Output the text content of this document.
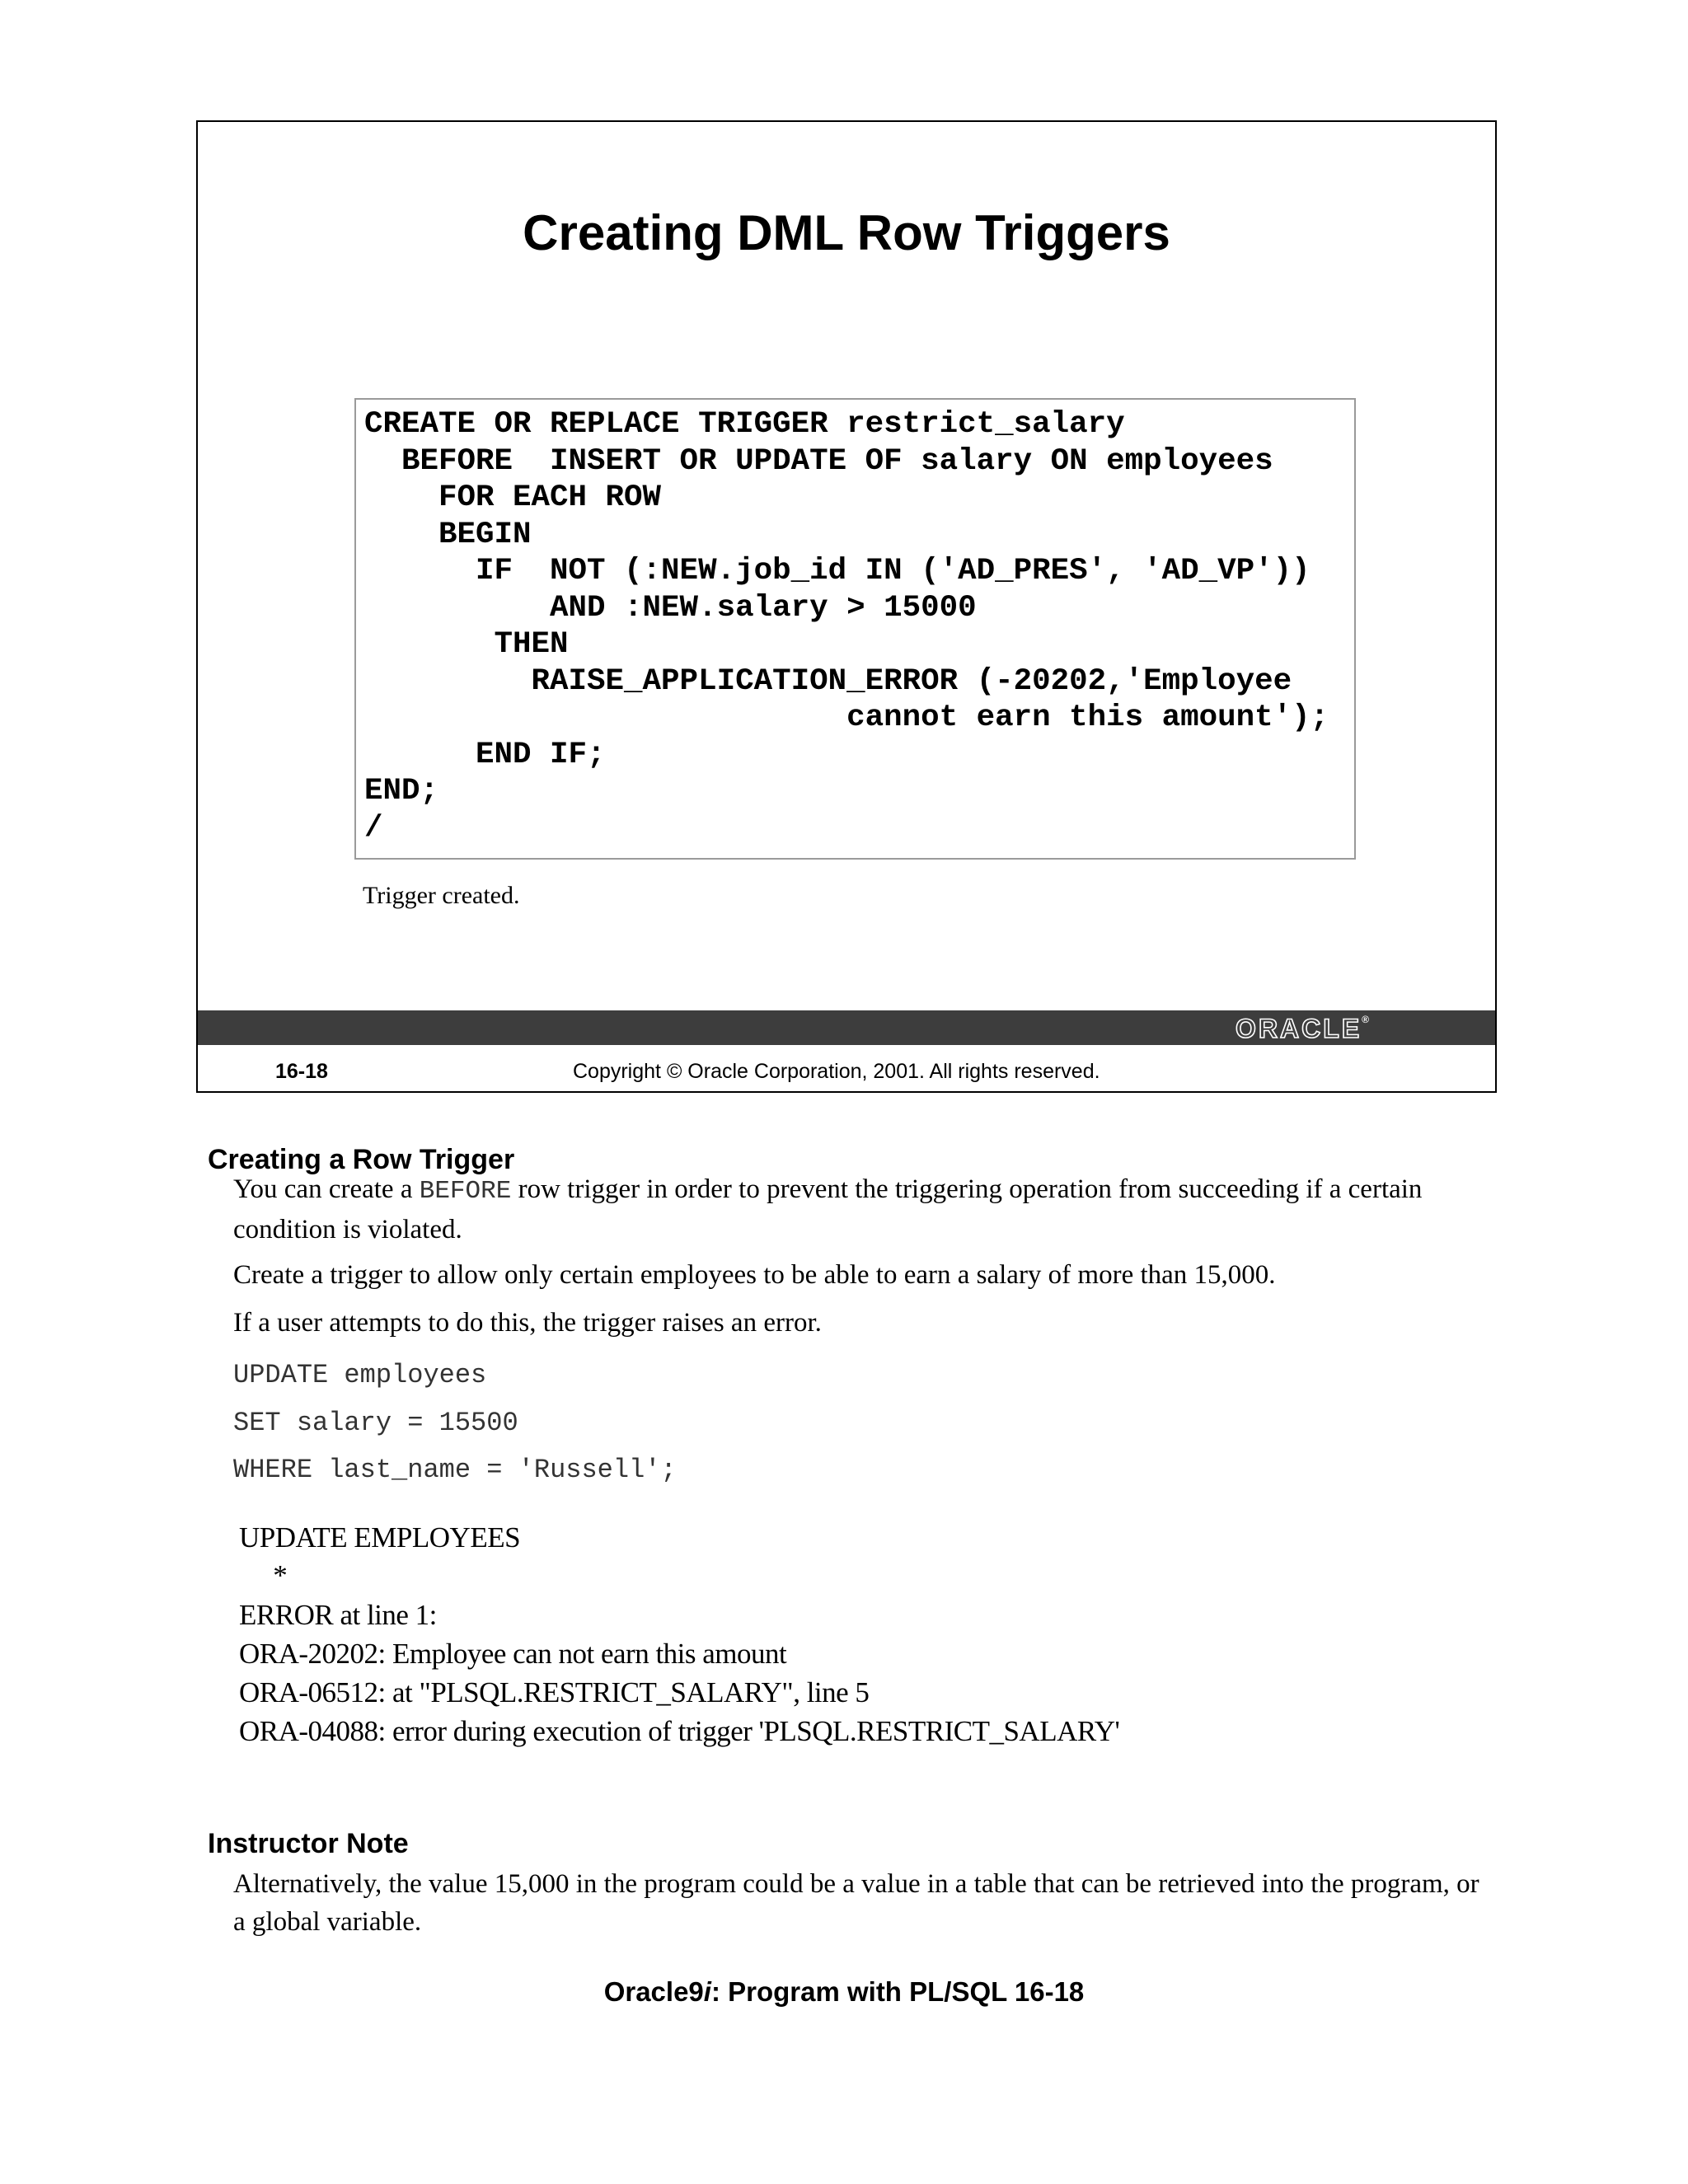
Creating DML Row Triggers
CREATE OR REPLACE TRIGGER restrict_salary
BEFORE  INSERT OR UPDATE OF salary ON employees
FOR EACH ROW
BEGIN
IF  NOT (:NEW.job_id IN ('AD_PRES', 'AD_VP'))
AND :NEW.salary > 15000
THEN
RAISE_APPLICATION_ERROR (-20202,'Employee
cannot earn this amount');
END IF;
END;
/
Trigger created.
ORACLE®
16-18	Copyright © Oracle Corporation, 2001. All rights reserved.
Creating a Row Trigger
You can create a BEFORE row trigger in order to prevent the triggering operation from succeeding if a certain condition is violated.
Create a trigger to allow only certain employees to be able to earn a salary of more than 15,000.
If a user attempts to do this, the trigger raises an error.
UPDATE employees
SET salary = 15500
WHERE last_name = 'Russell';
UPDATE EMPLOYEES
*
ERROR at line 1:
ORA-20202: Employee can not earn this amount
ORA-06512: at "PLSQL.RESTRICT_SALARY", line 5
ORA-04088: error during execution of trigger 'PLSQL.RESTRICT_SALARY'
Instructor Note
Alternatively, the value 15,000 in the program could be a value in a table that can be retrieved into the program, or a global variable.
Oracle9i: Program with PL/SQL 16-18
